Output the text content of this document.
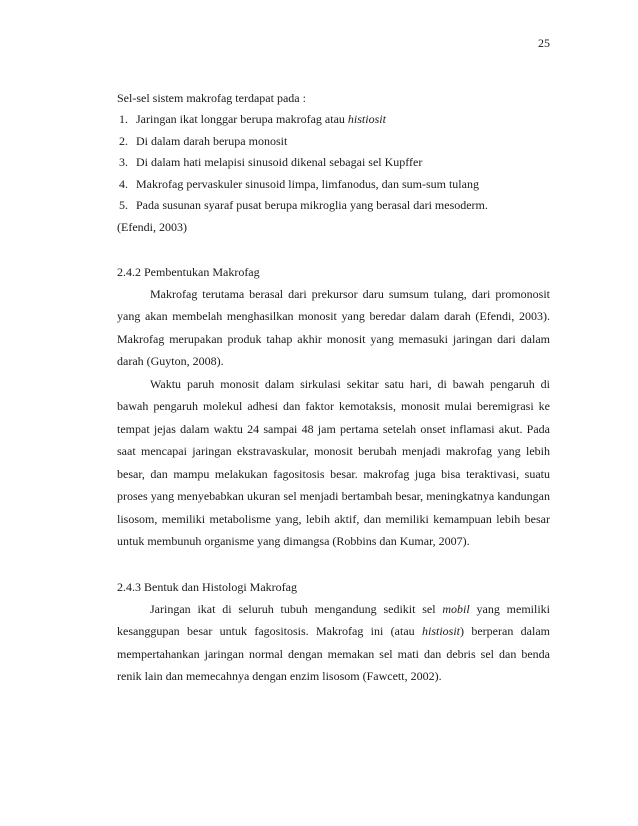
25
Sel-sel sistem makrofag terdapat pada :
1. Jaringan ikat longgar berupa makrofag atau histiosit
2. Di dalam darah berupa monosit
3. Di dalam hati melapisi sinusoid dikenal sebagai sel Kupffer
4. Makrofag pervaskuler sinusoid limpa, limfanodus, dan sum-sum tulang
5. Pada susunan syaraf pusat berupa mikroglia yang berasal dari mesoderm.
(Efendi, 2003)
2.4.2 Pembentukan Makrofag

Makrofag terutama berasal dari prekursor daru sumsum tulang, dari promonosit yang akan membelah menghasilkan monosit yang beredar dalam darah (Efendi, 2003). Makrofag merupakan produk tahap akhir monosit yang memasuki jaringan dari dalam darah (Guyton, 2008).

Waktu paruh monosit dalam sirkulasi sekitar satu hari, di bawah pengaruh di bawah pengaruh molekul adhesi dan faktor kemotaksis, monosit mulai beremigrasi ke tempat jejas dalam waktu 24 sampai 48 jam pertama setelah onset inflamasi akut. Pada saat mencapai jaringan ekstravaskular, monosit berubah menjadi makrofag yang lebih besar, dan mampu melakukan fagositosis besar. makrofag juga bisa teraktivasi, suatu proses yang menyebabkan ukuran sel menjadi bertambah besar, meningkatnya kandungan lisosom, memiliki metabolisme yang, lebih aktif, dan memiliki kemampuan lebih besar untuk membunuh organisme yang dimangsa (Robbins dan Kumar, 2007).

2.4.3 Bentuk dan Histologi Makrofag

Jaringan ikat di seluruh tubuh mengandung sedikit sel mobil yang memiliki kesanggupan besar untuk fagositosis. Makrofag ini (atau histiosit) berperan dalam mempertahankan jaringan normal dengan memakan sel mati dan debris sel dan benda renik lain dan memecahnya dengan enzim lisosom (Fawcett, 2002).
